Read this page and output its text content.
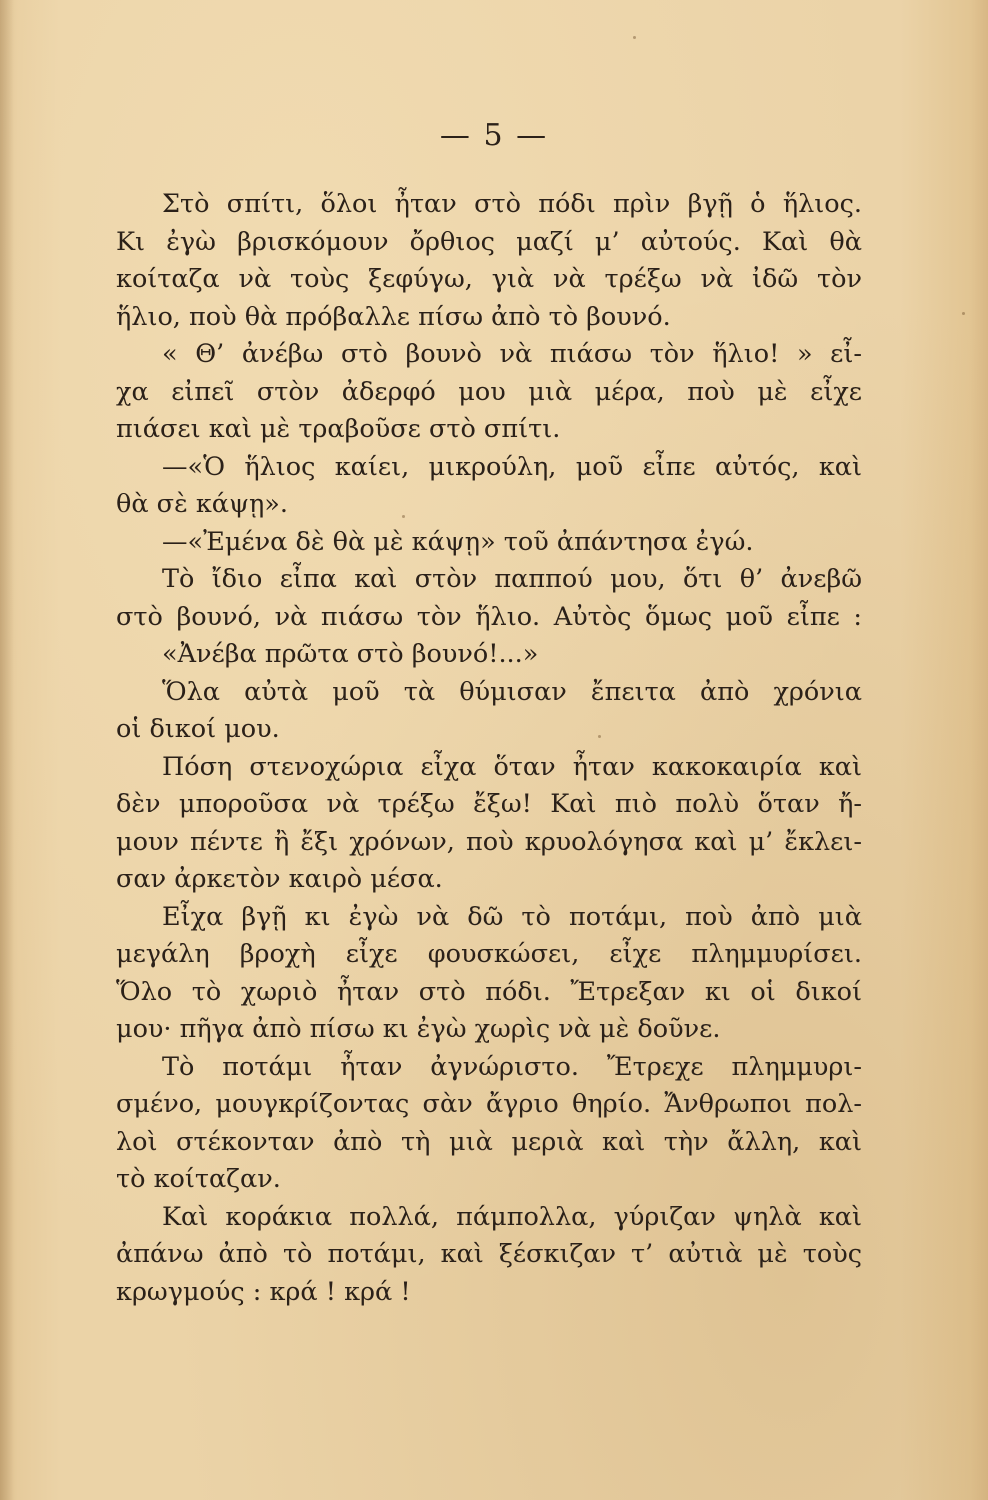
— 5 —
Στὸ σπίτι, ὅλοι ἦταν στὸ πόδι πρὶν βγῇ ὁ ἥλιος.
Κι ἐγὼ βρισκόμουν ὄρθιος μαζί μ’ αὐτούς. Καὶ θὰ
κοίταζα νὰ τοὺς ξεφύγω, γιὰ νὰ τρέξω νὰ ἰδῶ τὸν
ἥλιο, ποὺ θὰ πρόβαλλε πίσω ἀπὸ τὸ βουνό.
« Θ’ ἀνέβω στὸ βουνὸ νὰ πιάσω τὸν ἥλιο! » εἶ-
χα εἰπεῖ στὸν ἀδερφό μου μιὰ μέρα, ποὺ μὲ εἶχε
πιάσει καὶ μὲ τραβοῦσε στὸ σπίτι.
—«Ὁ ἥλιος καίει, μικρούλη, μοῦ εἶπε αὐτός, καὶ
θὰ σὲ κάψῃ».
—«Ἐμένα δὲ θὰ μὲ κάψῃ» τοῦ ἀπάντησα ἐγώ.
Τὸ ἴδιο εἶπα καὶ στὸν παππού μου, ὅτι θ’ ἀνεβῶ
στὸ βουνό, νὰ πιάσω τὸν ἥλιο. Αὐτὸς ὅμως μοῦ εἶπε :
«Ἀνέβα πρῶτα στὸ βουνό!...»
Ὅλα αὐτὰ μοῦ τὰ θύμισαν ἔπειτα ἀπὸ χρόνια
οἱ δικοί μου.
Πόση στενοχώρια εἶχα ὅταν ἦταν κακοκαιρία καὶ
δὲν μποροῦσα νὰ τρέξω ἔξω! Καὶ πιὸ πολὺ ὅταν ἤ-
μουν πέντε ἢ ἔξι χρόνων, ποὺ κρυολόγησα καὶ μ’ ἔκλει-
σαν ἀρκετὸν καιρὸ μέσα.
Εἶχα βγῇ κι ἐγὼ νὰ δῶ τὸ ποτάμι, ποὺ ἀπὸ μιὰ
μεγάλη βροχὴ εἶχε φουσκώσει, εἶχε πλημμυρίσει.
Ὅλο τὸ χωριὸ ἦταν στὸ πόδι. Ἔτρεξαν κι οἱ δικοί
μου· πῆγα ἀπὸ πίσω κι ἐγὼ χωρὶς νὰ μὲ δοῦνε.
Τὸ ποτάμι ἦταν ἀγνώριστο. Ἔτρεχε πλημμυρι-
σμένο, μουγκρίζοντας σὰν ἄγριο θηρίο. Ἄνθρωποι πολ-
λοὶ στέκονταν ἀπὸ τὴ μιὰ μεριὰ καὶ τὴν ἄλλη, καὶ
τὸ κοίταζαν.
Καὶ κοράκια πολλά, πάμπολλα, γύριζαν ψηλὰ καὶ
ἀπάνω ἀπὸ τὸ ποτάμι, καὶ ξέσκιζαν τ’ αὐτιὰ μὲ τοὺς
κρωγμούς : κρά ! κρά !
